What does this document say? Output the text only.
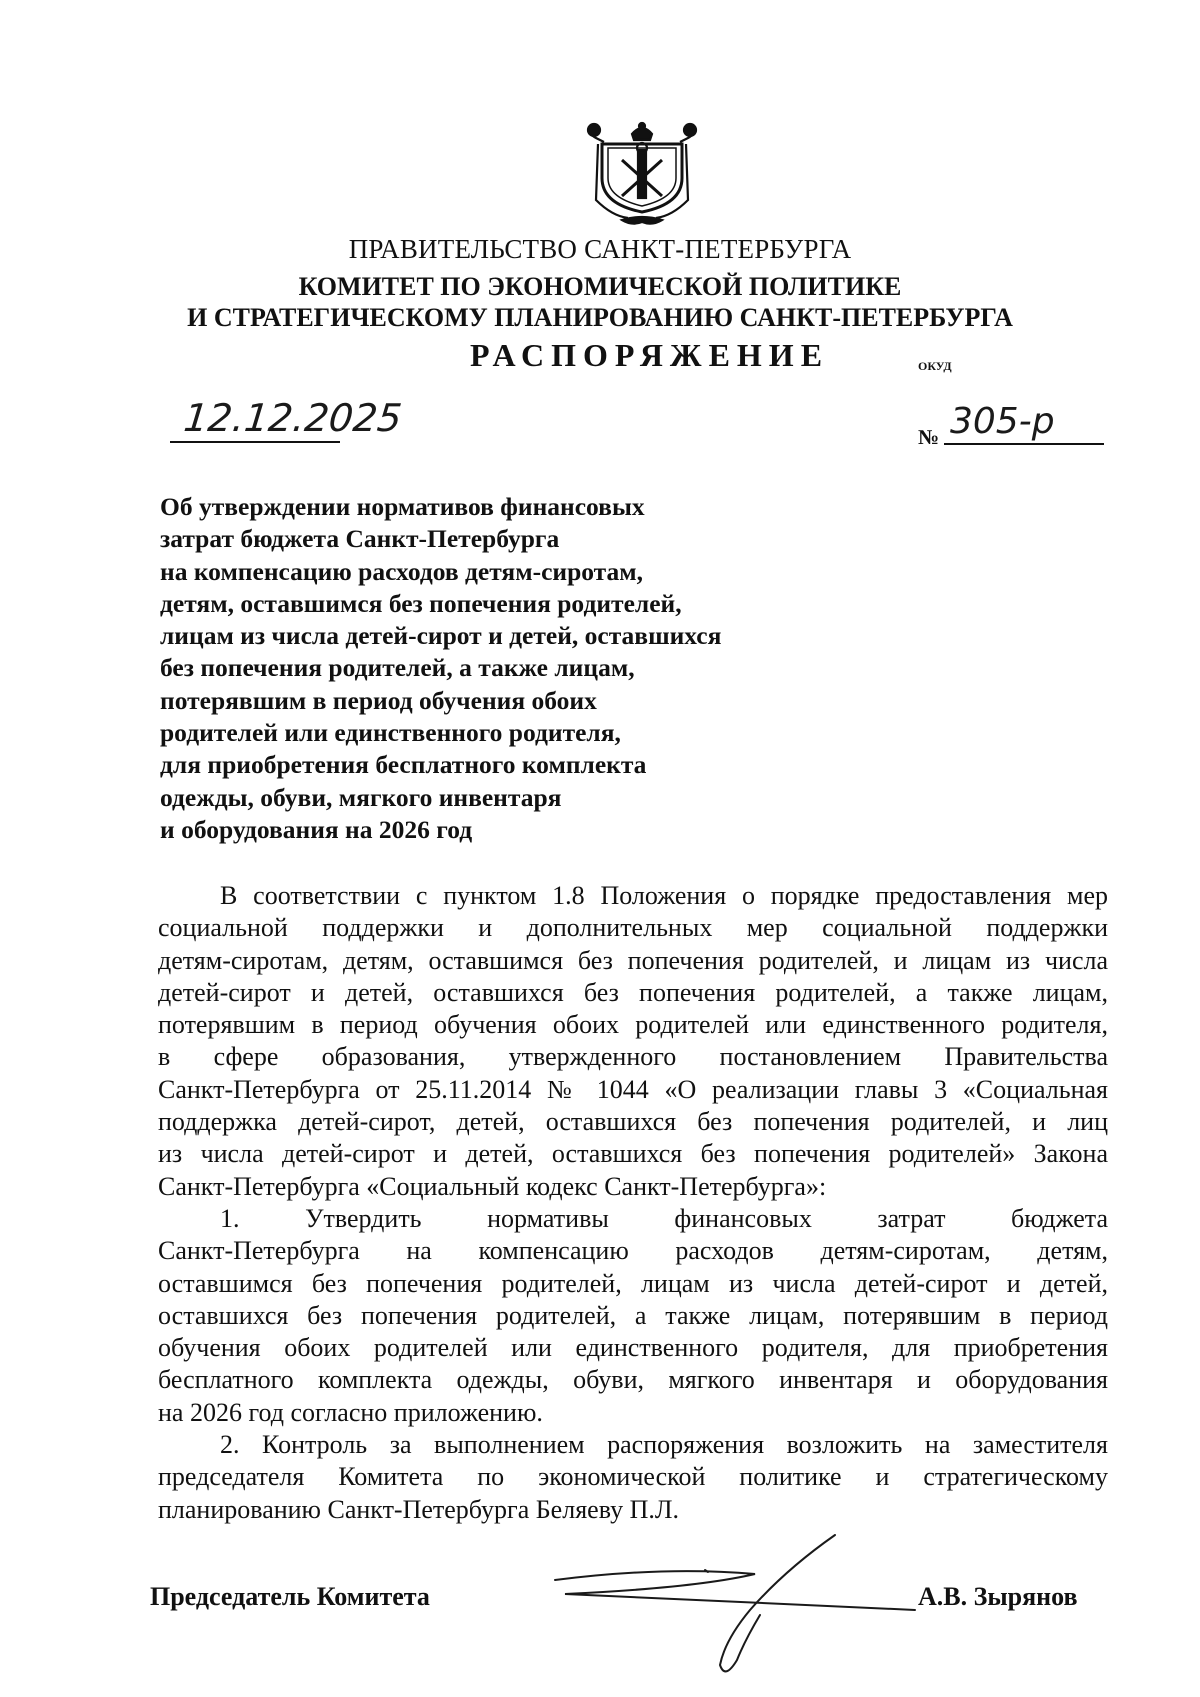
ПРАВИТЕЛЬСТВО САНКТ-ПЕТЕРБУРГА
КОМИТЕТ ПО ЭКОНОМИЧЕСКОЙ ПОЛИТИКЕ
И СТРАТЕГИЧЕСКОМУ ПЛАНИРОВАНИЮ САНКТ-ПЕТЕРБУРГА
РАСПОРЯЖЕНИЕ	ОКУД
12.12.2025	№ 305-р
Об утверждении нормативов финансовых
затрат бюджета Санкт-Петербурга
на компенсацию расходов детям-сиротам,
детям, оставшимся без попечения родителей,
лицам из числа детей-сирот и детей, оставшихся
без попечения родителей, а также лицам,
потерявшим в период обучения обоих
родителей или единственного родителя,
для приобретения бесплатного комплекта
одежды, обуви, мягкого инвентаря
и оборудования на 2026 год
В соответствии с пунктом 1.8 Положения о порядке предоставления мер
социальной поддержки и дополнительных мер социальной поддержки
детям-сиротам, детям, оставшимся без попечения родителей, и лицам из числа
детей-сирот и детей, оставшихся без попечения родителей, а также лицам,
потерявшим в период обучения обоих родителей или единственного родителя,
в сфере образования, утвержденного постановлением Правительства
Санкт-Петербурга от 25.11.2014 № 1044 «О реализации главы 3 «Социальная
поддержка детей-сирот, детей, оставшихся без попечения родителей, и лиц
из числа детей-сирот и детей, оставшихся без попечения родителей» Закона
Санкт-Петербурга «Социальный кодекс Санкт-Петербурга»:
1. Утвердить нормативы финансовых затрат бюджета
Санкт-Петербурга на компенсацию расходов детям-сиротам, детям,
оставшимся без попечения родителей, лицам из числа детей-сирот и детей,
оставшихся без попечения родителей, а также лицам, потерявшим в период
обучения обоих родителей или единственного родителя, для приобретения
бесплатного комплекта одежды, обуви, мягкого инвентаря и оборудования
на 2026 год согласно приложению.
2. Контроль за выполнением распоряжения возложить на заместителя
председателя Комитета по экономической политике и стратегическому
планированию Санкт-Петербурга Беляеву П.Л.
Председатель Комитета	А.В. Зырянов
